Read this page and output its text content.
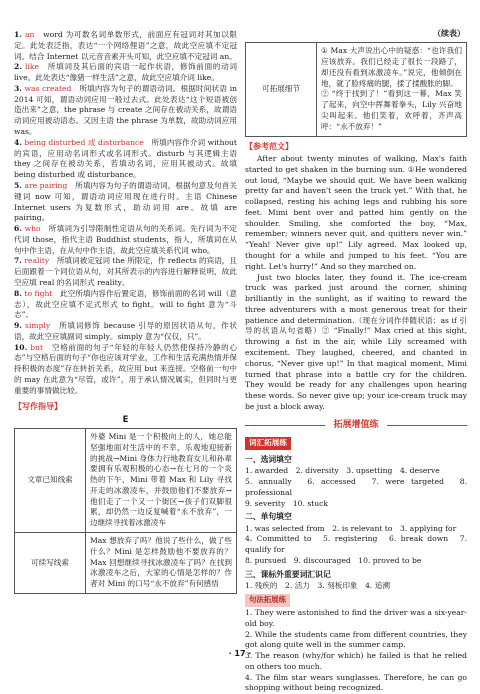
1. an　 word 为可数名词单数形式，前面应有冠词对其加以限定。此处表泛指，表达“一个网络俚语”之意，故此空应填不定冠词。结合 Internet 以元音音素开头可知，此空应填不定冠词 an。

2. like　 所填词及其后面的宾语一起作状语，修饰前面的动词 live。此处表达“像猪一样生活”之意，故此空应填介词 like。

3. was created　 所填内容为句子的谓语动词。根据时间状语 in 2014 可知，谓语动词应用一般过去式。此处表达“这个短语被创造出来”之意，the phrase 与 create 之间存在被动关系，故谓语动词应用被动语态。又因主语 the phrase 为单数，故助动词应用 was。

4. being disturbed 或 disturbance　 所填内容作介词 without 的宾语，应用动名词形式或名词形式。disturb 与其逻辑主语 they 之间存在被动关系，若填动名词，应用其被动式。故填 being disturbed 或 disturbance。

5. are pairing　 所填内容为句子的谓语动词，根据句意及句首关键词 now 可知，谓语动词应用现在进行时。主语 Chinese Internet users 为复数形式，助动词用 are。故填 are pairing。

6. who　 所填词为引导限制性定语从句的关系词。先行词为不定代词 those，指代主语 Buddhist students，指人，所填词在从句中作主语，在从句中作主语，故此空应填关系代词 who。

7. reality　 所填词被定冠词 the 所限定，作 reflects 的宾语，且后面跟着一个同位语从句，对其所表示的内容进行解释说明，故此空应填 real 的名词形式 reality。

8. to fight　 此空所填内容作后置定语，修饰前面的名词 will（意志），故此空应填不定式形式 to fight。will to fight 意为“斗志”。

9. simply　 所填词修饰 because 引导的原因状语从句，作状语，故此空应填副词 simply。simply 意为“仅仅，只”。

10. but　 空格前面的句子“年轻的年轻人仍然使保持冷静的心态”与空格后面的句子“你也应该对学业，工作和生活充满热情并保持积极的态度”存在转折关系，故应用 but 来连接。空格前一句中的 may 在此意为“尽管，或许”，用于承认情况属实，但同时与更重要的事情做比较。

【写作指导】
E
文章已知线索	外婆 Mini 是一个积极向上的人，她总能坚强地面对生活中的不幸，乐观地迎接新的挑战→Mini 身体力行地教育女儿和孙辈要拥有乐观积极的心态→在七月的一个炎热的下午，Mini 带着 Max 和 Lily 寻找开走的冰激凌车，并鼓励他们不要放弃→他们走了一个又一个街区→孩子们双脚很累，却仍然一边反复喊着“永不放弃”，一边继续寻找着冰激凌车
可续写线索	Max 想放弃了吗？他说了些什么，做了些什么？Mini 是怎样鼓励他不要放弃的？Max 回想继续寻找冰激凌车了吗？在找到冰激凌车之后，大家的心情是怎样的？作者对 Mini 的口号“永不放弃”有何感悟
（续表）
可拓展细节	① Max 大声说出心中的疑惑：“也许我们应该放弃。我们已经走了很长一段路了，却还没有看到冰激凌车。”说完，他倾倒在地，就了脸疼痛的腿，揉了揉酸胀的脚。
② “终于找到了！”看到这一幕，Max 笑了起来，向空中挥舞着拳头，Lily 兴奋地尖叫起来。他们笑着，欢呼着，齐声高呼：“永不放弃！”
【参考范文】

After about twenty minutes of walking, Max's faith started to get shaken in the burning sun. ①He wondered out loud, “Maybe we should quit. We have been walking pretty far and haven't seen the truck yet.” With that, he collapsed, resting his aching legs and rubbing his sore feet. Mimi bent over and patted him gently on the shoulder. Smiling, she comforted the boy, “Max, remember; winners never quit, and quitters never win.” “Yeah! Never give up!” Lily agreed. Max looked up, thought for a while and jumped to his feet. “You are right. Let's hurry!” And so they marched on.

Just two blocks later, they found it. The ice-cream truck was parked just around the corner, shining brilliantly in the sunlight, as if waiting to reward the three adventurers with a most generous treat for their patience and determination.（现在分词作伴随状语；as if 引导的状语从句省略）② “Finally!” Max cried at this sight, throwing a fist in the air, while Lily screamed with excitement. They laughed, cheered, and chanted in chorus, “Never give up!” In that magical moment, Mimi turned that phrase into a battle cry for the children. They would be ready for any challenges upon hearing these words. So never give up; your ice-cream truck may be just a block away.

拓展增值练
词汇拓展练
一、选词填空

1. awarded　2. diversity　3. upsetting　4. deserve

5. annually　6. accessed　7. were targeted　8. professional

9. severity　10. stuck

二、单句填空

1. was selected from　2. is relevant to　3. applying for

4. Committed to　5. registering　6. break down　7. qualify for

8. pursued　9. discouraged　10. proved to be

三、课标外重要词汇识记

1. 残疾的　2. 活力　3. 刻板印象　4. 追溯

句法拓展练

1. They were astonished to find the driver was a six-year-old boy.

2. While the students came from different countries, they got along quite well in the summer camp.

3. The reason (why/for which) he failed is that he relied on others too much.

4. The film star wears sunglasses. Therefore, he can go shopping without being recognized.

· 17 ·
